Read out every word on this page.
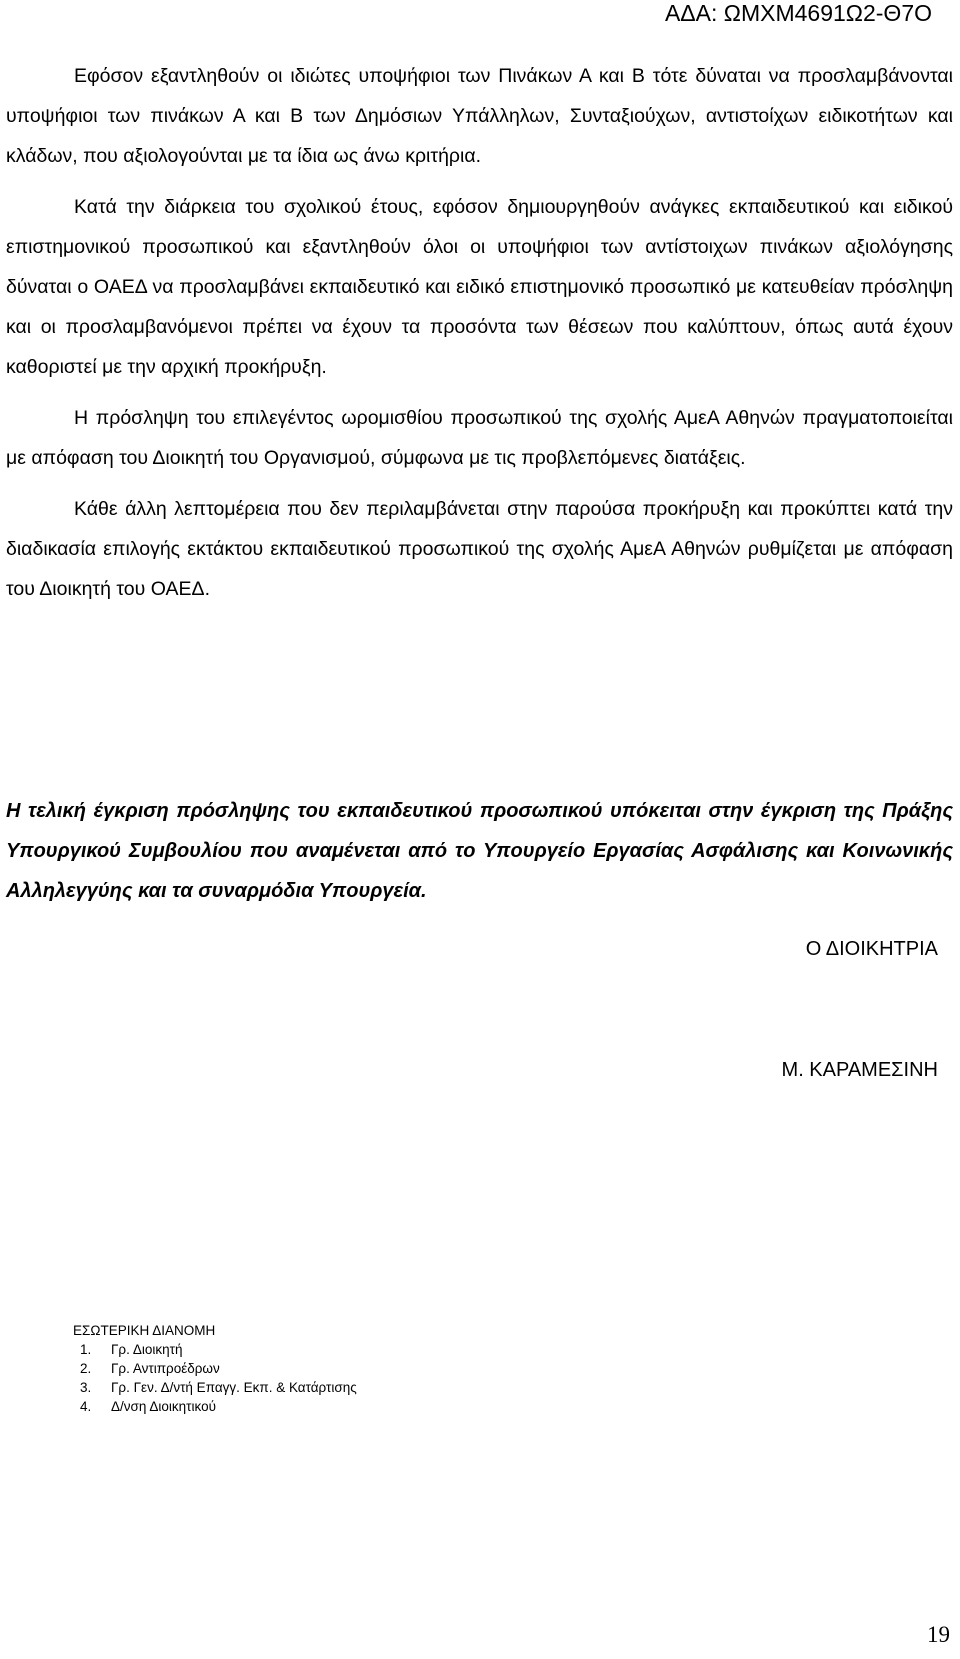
ΑΔΑ: ΩΜΧΜ4691Ω2-Θ7Ο

Εφόσον εξαντληθούν οι ιδιώτες υποψήφιοι των Πινάκων Α και Β τότε δύναται να προσλαμβάνονται υποψήφιοι των πινάκων Α και Β των Δημόσιων Υπάλληλων, Συνταξιούχων, αντιστοίχων ειδικοτήτων και κλάδων, που αξιολογούνται με τα ίδια ως άνω κριτήρια.

Κατά την διάρκεια του σχολικού έτους, εφόσον δημιουργηθούν ανάγκες εκπαιδευτικού και ειδικού επιστημονικού προσωπικού και εξαντληθούν όλοι οι υποψήφιοι των αντίστοιχων πινάκων αξιολόγησης δύναται ο ΟΑΕΔ να προσλαμβάνει εκπαιδευτικό και ειδικό επιστημονικό προσωπικό με κατευθείαν πρόσληψη και οι προσλαμβανόμενοι πρέπει να έχουν τα προσόντα των θέσεων που καλύπτουν, όπως αυτά έχουν καθοριστεί με την αρχική προκήρυξη.

Η πρόσληψη του επιλεγέντος ωρομισθίου προσωπικού της σχολής ΑμεΑ Αθηνών πραγματοποιείται με απόφαση του Διοικητή του Οργανισμού, σύμφωνα με τις προβλεπόμενες διατάξεις.

Κάθε άλλη λεπτομέρεια που δεν περιλαμβάνεται στην παρούσα προκήρυξη και προκύπτει κατά την διαδικασία επιλογής εκτάκτου εκπαιδευτικού προσωπικού της σχολής ΑμεΑ Αθηνών ρυθμίζεται με απόφαση του Διοικητή του ΟΑΕΔ.

Η τελική έγκριση πρόσληψης του εκπαιδευτικού προσωπικού υπόκειται στην έγκριση της Πράξης Υπουργικού Συμβουλίου που αναμένεται από το Υπουργείο Εργασίας Ασφάλισης και Κοινωνικής Αλληλεγγύης και τα συναρμόδια Υπουργεία.

Ο ΔΙΟΙΚΗΤΡΙΑ
Μ. ΚΑΡΑΜΕΣΙΝΗ
ΕΣΩΤΕΡΙΚΗ ΔΙΑΝΟΜΗ
1.	Γρ. Διοικητή
2.	Γρ. Αντιπροέδρων
3.	Γρ. Γεν. Δ/ντή Επαγγ. Εκπ. & Κατάρτισης
4.	Δ/νση Διοικητικού
19
